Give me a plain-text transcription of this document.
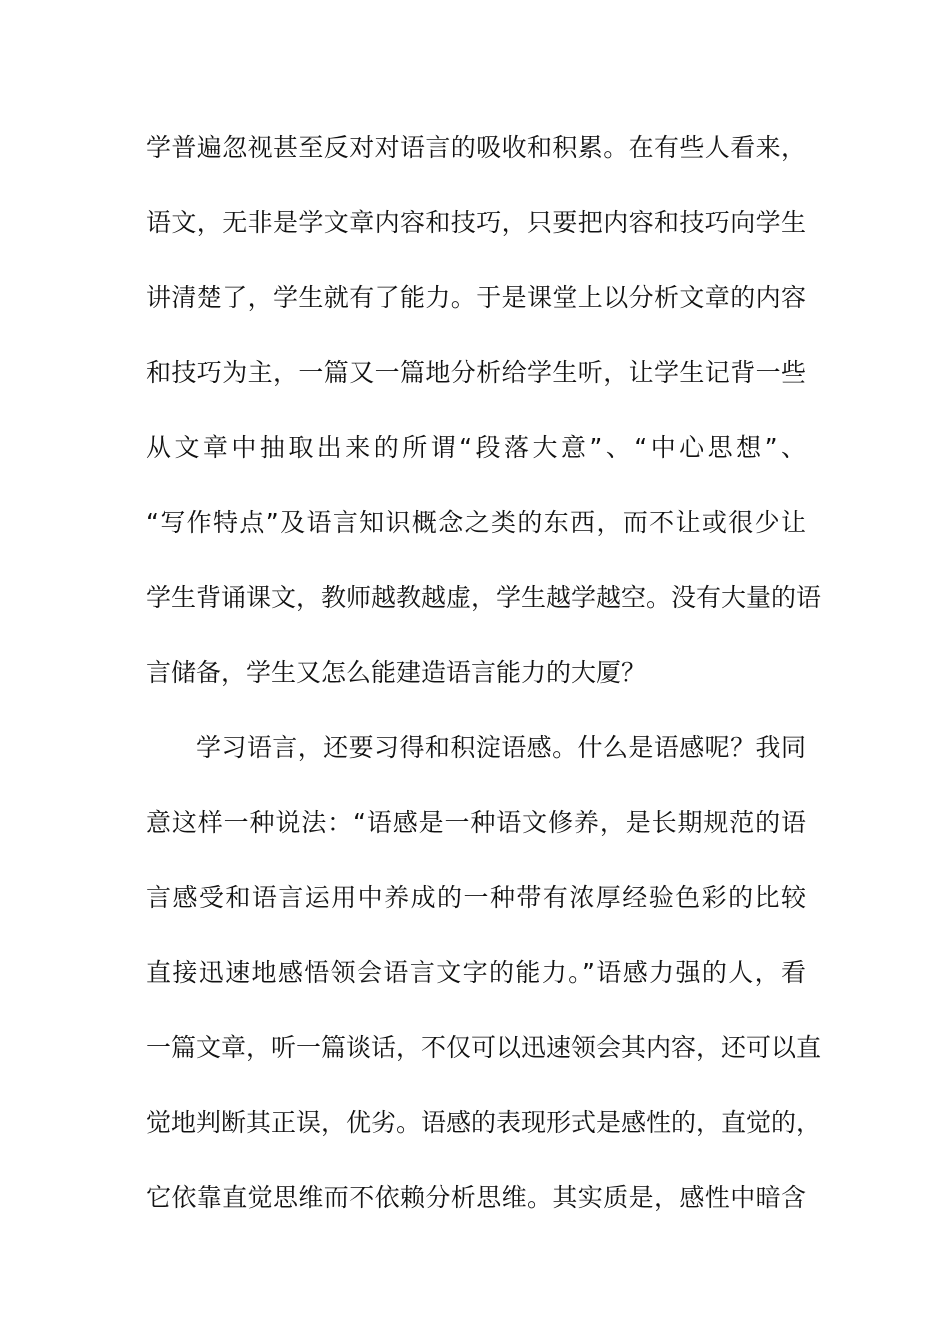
学普遍忽视甚至反对对语言的吸收和积累。在有些人看来，
语文，无非是学文章内容和技巧，只要把内容和技巧向学生
讲清楚了，学生就有了能力。于是课堂上以分析文章的内容
和技巧为主，一篇又一篇地分析给学生听，让学生记背一些
从文章中抽取出来的所谓“段落大意”、“中心思想”、
“写作特点”及语言知识概念之类的东西，而不让或很少让
学生背诵课文，教师越教越虚，学生越学越空。没有大量的语
言储备，学生又怎么能建造语言能力的大厦？
学习语言，还要习得和积淀语感。什么是语感呢？我同
意这样一种说法：“语感是一种语文修养，是长期规范的语
言感受和语言运用中养成的一种带有浓厚经验色彩的比较
直接迅速地感悟领会语言文字的能力。”语感力强的人，看
一篇文章，听一篇谈话，不仅可以迅速领会其内容，还可以直
觉地判断其正误，优劣。语感的表现形式是感性的，直觉的，
它依靠直觉思维而不依赖分析思维。其实质是，感性中暗含
